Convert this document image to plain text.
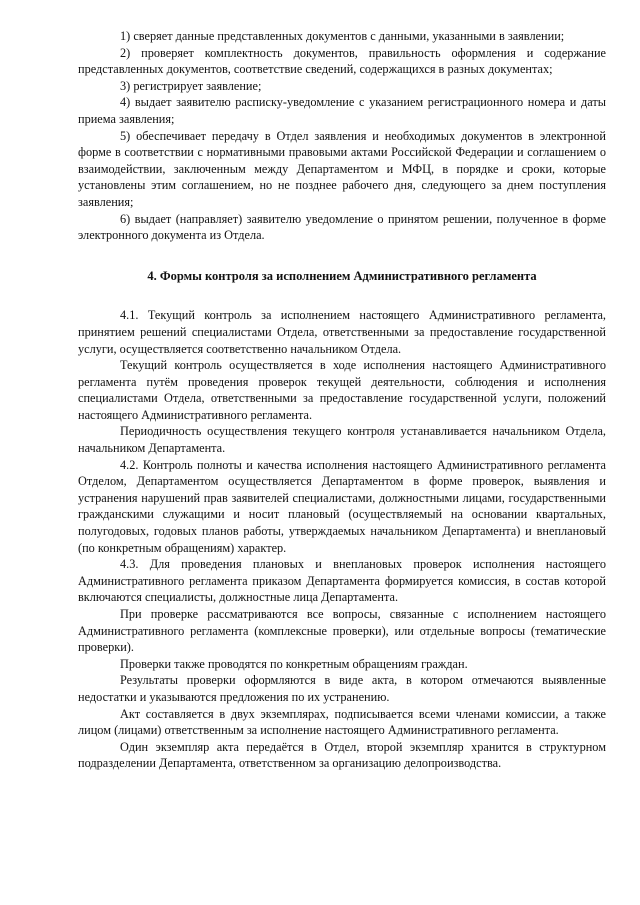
1) сверяет данные представленных документов с данными, указанными в заявлении;

2) проверяет комплектность документов, правильность оформления и содержание представленных документов, соответствие сведений, содержащихся в разных документах;

3) регистрирует заявление;

4) выдает заявителю расписку-уведомление с указанием регистрационного номера и даты приема заявления;

5) обеспечивает передачу в Отдел заявления и необходимых документов в электронной форме в соответствии с нормативными правовыми актами Российской Федерации и соглашением о взаимодействии, заключенным между Департаментом и МФЦ, в порядке и сроки, которые установлены этим соглашением, но не позднее рабочего дня, следующего за днем поступления заявления;

6) выдает (направляет) заявителю уведомление о принятом решении, полученное в форме электронного документа из Отдела.

4. Формы контроля за исполнением Административного регламента

4.1. Текущий контроль за исполнением настоящего Административного регламента, принятием решений специалистами Отдела, ответственными за предоставление государственной услуги, осуществляется соответственно начальником Отдела.

Текущий контроль осуществляется в ходе исполнения настоящего Административного регламента путём проведения проверок текущей деятельности, соблюдения и исполнения специалистами Отдела, ответственными за предоставление государственной услуги, положений настоящего Административного регламента.

Периодичность осуществления текущего контроля устанавливается начальником Отдела, начальником Департамента.

4.2. Контроль полноты и качества исполнения настоящего Административного регламента Отделом, Департаментом осуществляется Департаментом в форме проверок, выявления и устранения нарушений прав заявителей специалистами, должностными лицами, государственными гражданскими служащими и носит плановый (осуществляемый на основании квартальных, полугодовых, годовых планов работы, утверждаемых начальником Департамента) и внеплановый (по конкретным обращениям) характер.

4.3. Для проведения плановых и внеплановых проверок исполнения настоящего Административного регламента приказом Департамента формируется комиссия, в состав которой включаются специалисты, должностные лица Департамента.

При проверке рассматриваются все вопросы, связанные с исполнением настоящего Административного регламента (комплексные проверки), или отдельные вопросы (тематические проверки).

Проверки также проводятся по конкретным обращениям граждан.

Результаты проверки оформляются в виде акта, в котором отмечаются выявленные недостатки и указываются предложения по их устранению.

Акт составляется в двух экземплярах, подписывается всеми членами комиссии, а также лицом (лицами) ответственным за исполнение настоящего Административного регламента.

Один экземпляр акта передаётся в Отдел, второй экземпляр хранится в структурном подразделении Департамента, ответственном за организацию делопроизводства.
